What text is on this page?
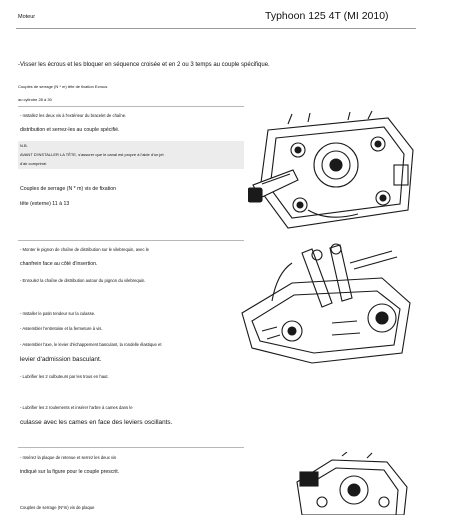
Moteur	Typhoon 125 4T (MI 2010)
-Visser les écrous et les bloquer en séquence croisée et en 2 ou 3 temps au couple spécifique.
Couples de serrage (N * m) tête de fixation Ecrous
au cylindre 28 à 30
- Installez les deux vis à l'extérieur du bracelet de chaîne.
distribution et serrez-les au couple spécifié.
N.B.
AVANT D'INSTALLER LA TÊTE, s'assurer que le canal est propre à l'aide d'un jet
d'air comprimé.
Couples de serrage (N * m) vis de fixation
tête (externe) 11 à 13
- Monter le pignon de chaîne de distribution sur le vilebrequin, avec le
chanfrein face au côté d'insertion.
- Enroulez la chaîne de distribution autour du pignon du vilebrequin.
- Installer le patin tendeur sur la culasse.
- Assembler l'entretoise et la fermeture à vis.
- Assembler l'axe, le levier d'échappement basculant, la rondelle élastique et
levier d'admission basculant.
- Lubrifier les 2 culbuteurs par les trous en haut.
- Lubrifier les 2 roulements et insérer l'arbre à cames dans le
culasse avec les cames en face des leviers oscillants.
- Insérez la plaque de retenue et serrez les deux vis
indiqué sur la figure pour le couple prescrit.
Couples de serrage (N*m) vis de plaque
